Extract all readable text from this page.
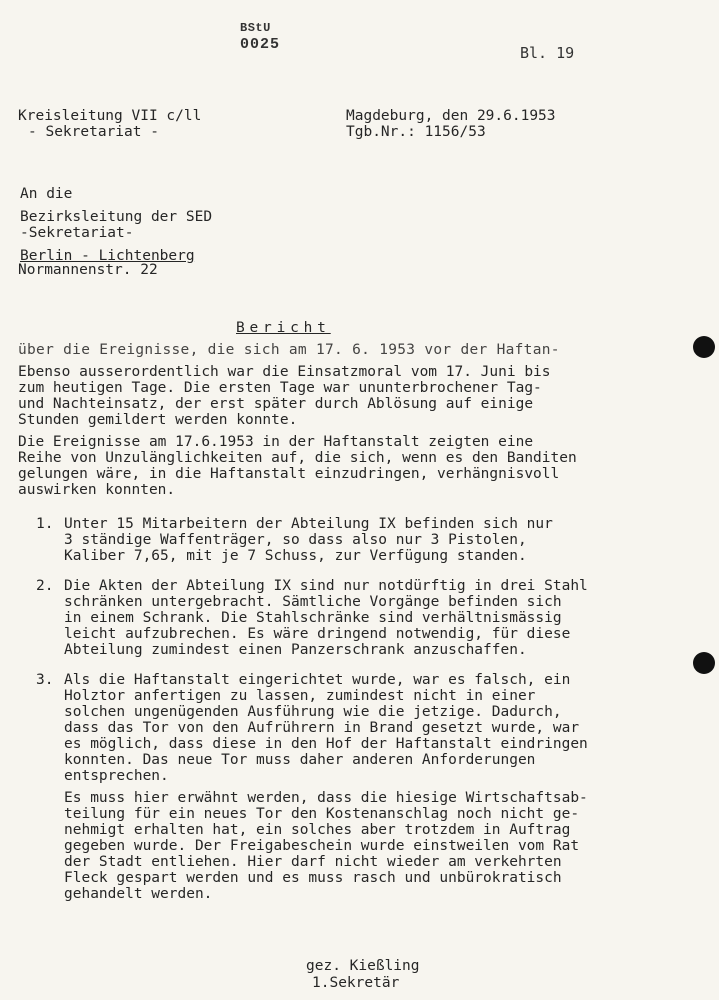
BStU
0025	Bl. 19
Kreisleitung VII c/ll
- Sekretariat -
Magdeburg, den 29.6.1953
Tgb.Nr.: 1156/53
An die
Bezirksleitung der SED
-Sekretariat-
Berlin - Lichtenberg
Normannenstr. 22
Bericht
über die Ereignisse, die sich am 17. 6. 1953 vor der Haftan-
Ebenso ausserordentlich war die Einsatzmoral vom 17. Juni bis
zum heutigen Tage. Die ersten Tage war ununterbrochener Tag-
und Nachteinsatz, der erst später durch Ablösung auf einige
Stunden gemildert werden konnte.
Die Ereignisse am 17.6.1953 in der Haftanstalt zeigten eine
Reihe von Unzulänglichkeiten auf, die sich, wenn es den Banditen
gelungen wäre, in die Haftanstalt einzudringen, verhängnisvoll
auswirken konnten.
1. Unter 15 Mitarbeitern der Abteilung IX befinden sich nur
3 ständige Waffenträger, so dass also nur 3 Pistolen,
Kaliber 7,65, mit je 7 Schuss, zur Verfügung standen.
2. Die Akten der Abteilung IX sind nur notdürftig in drei Stahl
schränken untergebracht. Sämtliche Vorgänge befinden sich
in einem Schrank. Die Stahlschränke sind verhältnismässig
leicht aufzubrechen. Es wäre dringend notwendig, für diese
Abteilung zumindest einen Panzerschrank anzuschaffen.
3. Als die Haftanstalt eingerichtet wurde, war es falsch, ein
Holztor anfertigen zu lassen, zumindest nicht in einer
solchen ungenügenden Ausführung wie die jetzige. Dadurch,
dass das Tor von den Aufrührern in Brand gesetzt wurde, war
es möglich, dass diese in den Hof der Haftanstalt eindringen
konnten. Das neue Tor muss daher anderen Anforderungen
entsprechen.
Es muss hier erwähnt werden, dass die hiesige Wirtschaftsab-
teilung für ein neues Tor den Kostenanschlag noch nicht ge-
nehmigt erhalten hat, ein solches aber trotzdem in Auftrag
gegeben wurde. Der Freigabeschein wurde einstweilen vom Rat
der Stadt entliehen. Hier darf nicht wieder am verkehrten
Fleck gespart werden und es muss rasch und unbürokratisch
gehandelt werden.
gez. Kießling
1.Sekretär
